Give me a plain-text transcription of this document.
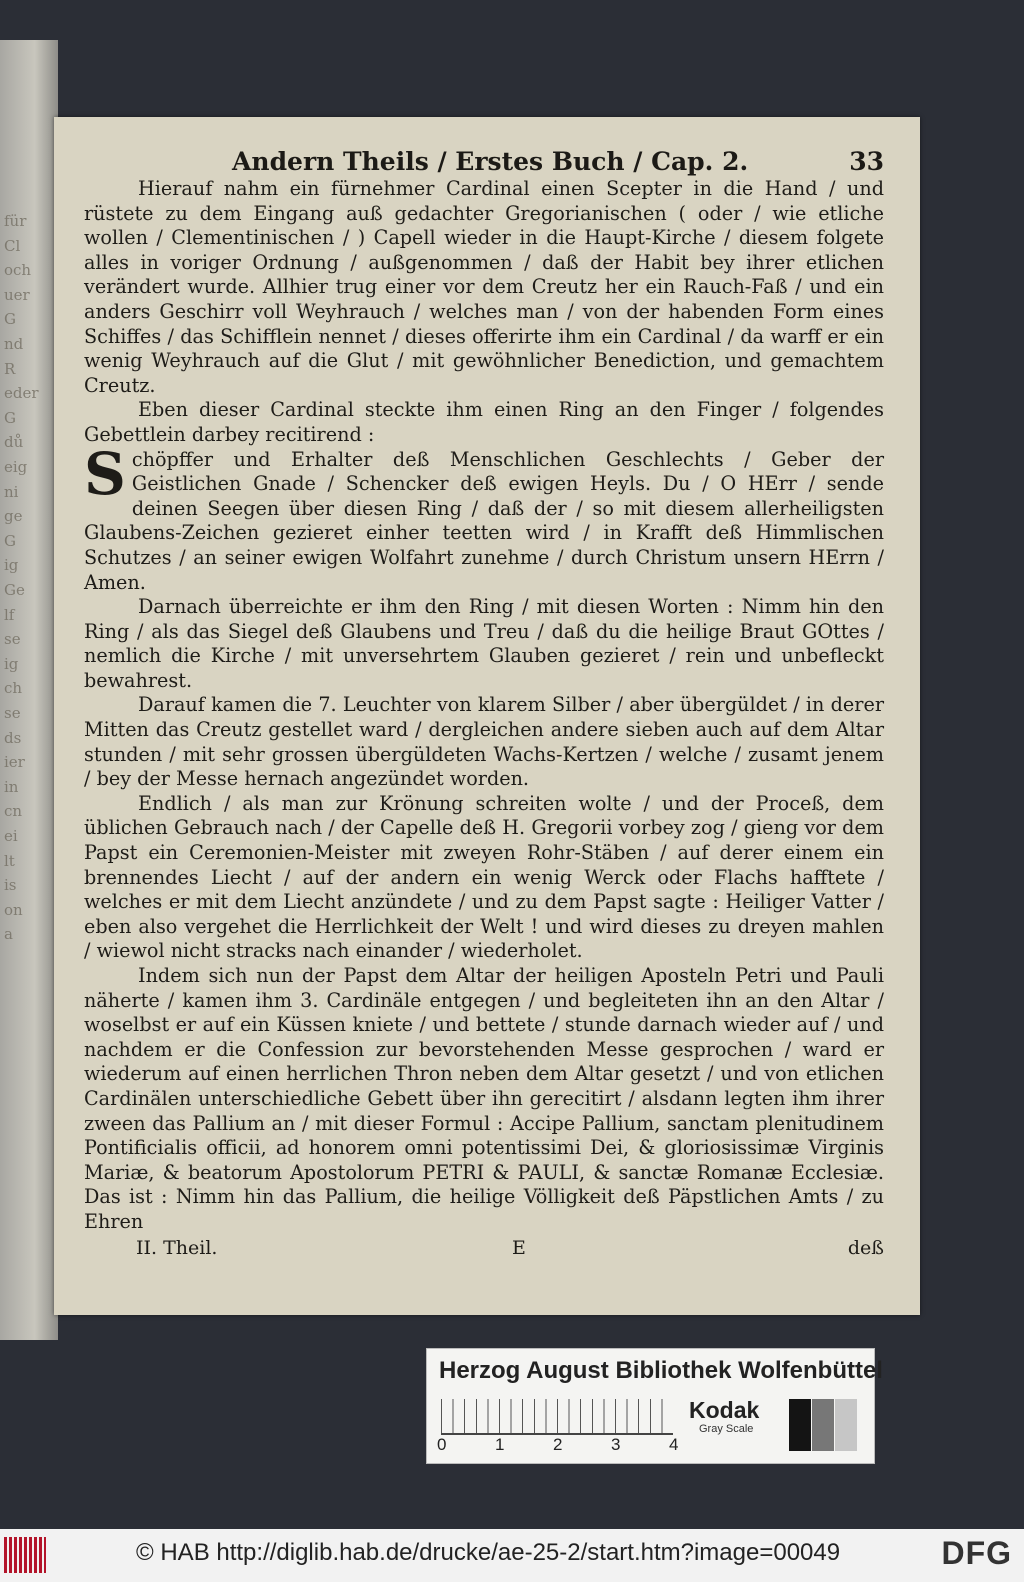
für
Cl
och
uer
G
nd
R
eder
G
dů
eig
ni
ge
G
ig
Ge
lf
se
ig
ch
se
ds
ier
in
cn
ei
lt
is
on
a
Andern Theils / Erstes Buch / Cap. 2.	33

Hierauf nahm ein fürnehmer Cardinal einen Scepter in die Hand / und rüstete zu dem Eingang auß gedachter Gregorianischen ( oder / wie etliche wollen / Clementinischen / ) Capell wieder in die Haupt-Kirche / diesem folgete alles in voriger Ordnung / außgenommen / daß der Habit bey ihrer etlichen verändert wurde. Allhier trug einer vor dem Creutz her ein Rauch-Faß / und ein anders Geschirr voll Weyhrauch / welches man / von der habenden Form eines Schiffes / das Schifflein nennet / dieses offerirte ihm ein Cardinal / da warff er ein wenig Weyhrauch auf die Glut / mit gewöhnlicher Benediction, und gemachtem Creutz.

Eben dieser Cardinal steckte ihm einen Ring an den Finger / folgendes Gebettlein darbey recitirend :

Schöpffer und Erhalter deß Menschlichen Geschlechts / Geber der Geistlichen Gnade / Schencker deß ewigen Heyls. Du / O HErr / sende deinen Seegen über diesen Ring / daß der / so mit diesem allerheiligsten Glaubens-Zeichen gezieret einher teetten wird / in Krafft deß Himmlischen Schutzes / an seiner ewigen Wolfahrt zunehme / durch Christum unsern HErrn / Amen.

Darnach überreichte er ihm den Ring / mit diesen Worten : Nimm hin den Ring / als das Siegel deß Glaubens und Treu / daß du die heilige Braut GOttes / nemlich die Kirche / mit unversehrtem Glauben gezieret / rein und unbefleckt bewahrest.

Darauf kamen die 7. Leuchter von klarem Silber / aber übergüldet / in derer Mitten das Creutz gestellet ward / dergleichen andere sieben auch auf dem Altar stunden / mit sehr grossen übergüldeten Wachs-Kertzen / welche / zusamt jenem / bey der Messe hernach angezündet worden.

Endlich / als man zur Krönung schreiten wolte / und der Proceß, dem üblichen Gebrauch nach / der Capelle deß H. Gregorii vorbey zog / gieng vor dem Papst ein Ceremonien-Meister mit zweyen Rohr-Stäben / auf derer einem ein brennendes Liecht / auf der andern ein wenig Werck oder Flachs hafftete / welches er mit dem Liecht anzündete / und zu dem Papst sagte : Heiliger Vatter / eben also vergehet die Herrlichkeit der Welt ! und wird dieses zu dreyen mahlen / wiewol nicht stracks nach einander / wiederholet.

Indem sich nun der Papst dem Altar der heiligen Aposteln Petri und Pauli näherte / kamen ihm 3. Cardinäle entgegen / und begleiteten ihn an den Altar / woselbst er auf ein Küssen kniete / und bettete / stunde darnach wieder auf / und nachdem er die Confession zur bevorstehenden Messe gesprochen / ward er wiederum auf einen herrlichen Thron neben dem Altar gesetzt / und von etlichen Cardinälen unterschiedliche Gebett über ihn gerecitirt / alsdann legten ihm ihrer zween das Pallium an / mit dieser Formul : Accipe Pallium, sanctam plenitudinem Pontificialis officii, ad honorem omni potentissimi Dei, & gloriosissimæ Virginis Mariæ, & beatorum Apostolorum PETRI & PAULI, & sanctæ Romanæ Ecclesiæ. Das ist : Nimm hin das Pallium, die heilige Völligkeit deß Päpstlichen Amts / zu Ehren

II. Theil.	E	deß
Herzog August Bibliothek Wolfenbüttel
0	1	2	3	4
Kodak
Gray Scale
© HAB http://diglib.hab.de/drucke/ae-25-2/start.htm?image=00049	DFG
